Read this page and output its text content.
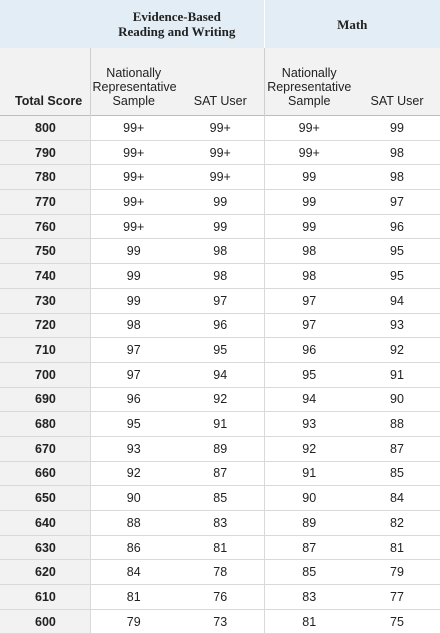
	Evidence-Based
Reading and Writing		Math	
Total Score	Nationally Representative Sample	SAT User	Nationally Representative Sample	SAT User
800	99+	99+	99+	99
790	99+	99+	99+	98
780	99+	99+	99	98
770	99+	99	99	97
760	99+	99	99	96
750	99	98	98	95
740	99	98	98	95
730	99	97	97	94
720	98	96	97	93
710	97	95	96	92
700	97	94	95	91
690	96	92	94	90
680	95	91	93	88
670	93	89	92	87
660	92	87	91	85
650	90	85	90	84
640	88	83	89	82
630	86	81	87	81
620	84	78	85	79
610	81	76	83	77
600	79	73	81	75
